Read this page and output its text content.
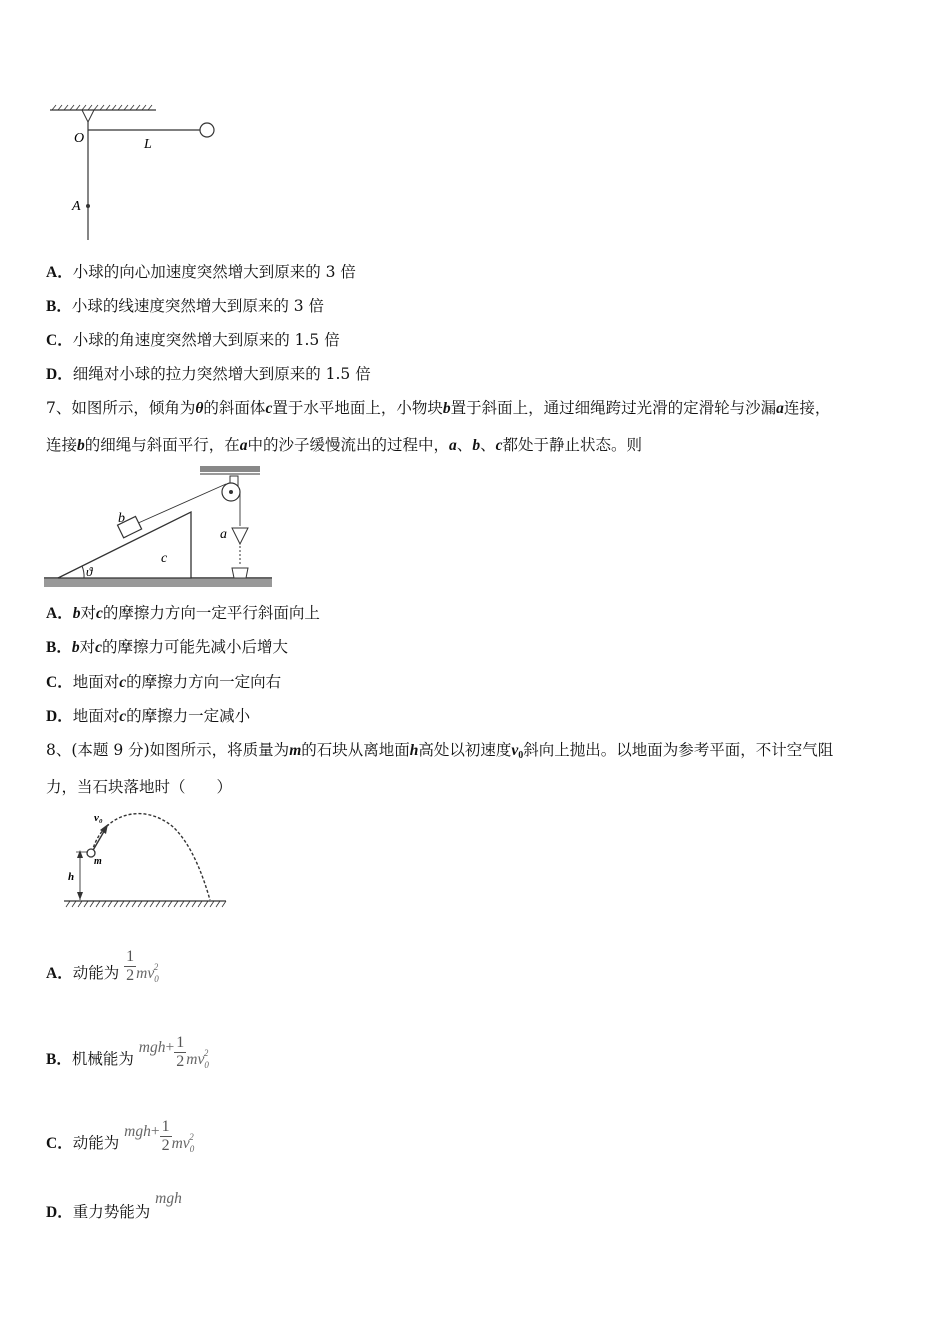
O	L
A
A．小球的向心加速度突然增大到原来的 3 倍
B．小球的线速度突然增大到原来的 3 倍
C．小球的角速度突然增大到原来的 1.5 倍
D．细绳对小球的拉力突然增大到原来的 1.5 倍
7、如图所示，倾角为θ的斜面体c置于水平地面上，小物块b置于斜面上，通过细绳跨过光滑的定滑轮与沙漏a连接，
连接b的细绳与斜面平行，在a中的沙子缓慢流出的过程中，a、b、c都处于静止状态。则
b
c
a
ϑ
A．b对c的摩擦力方向一定平行斜面向上
B．b对c的摩擦力可能先减小后增大
C．地面对c的摩擦力方向一定向右
D．地面对c的摩擦力一定减小
8、(本题 9 分)如图所示，将质量为m的石块从离地面h高处以初速度v0斜向上抛出。以地面为参考平面，不计空气阻
力，当石块落地时（　　）
v₀
m
h
A．动能为 $\frac{1}{2} mv_0^2$
B．机械能为 $mgh+ \frac{1}{2} mv_0^2$
C．动能为 $mgh+ \frac{1}{2} mv_0^2$
D．重力势能为 mgh
